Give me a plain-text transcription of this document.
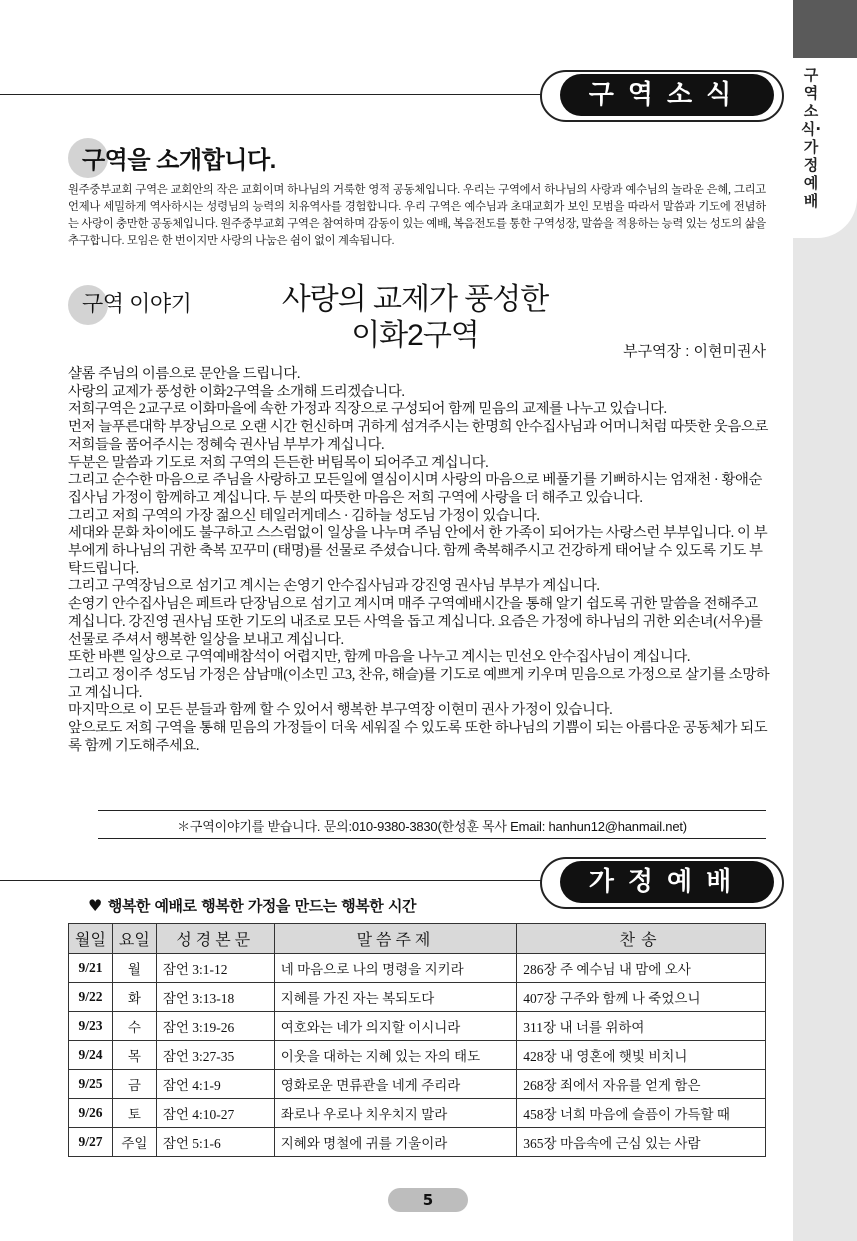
구역소식·가정예배
구역소식
구역을 소개합니다.
원주중부교회 구역은 교회안의 작은 교회이며 하나님의 거룩한 영적 공동체입니다. 우리는 구역에서 하나님의 사랑과 예수님의 놀라운 은혜, 그리고 언제나 세밀하게 역사하시는 성령님의 능력의 치유역사를 경험합니다. 우리 구역은 예수님과 초대교회가 보인 모범을 따라서 말씀과 기도에 전념하는 사랑이 충만한 공동체입니다. 원주중부교회 구역은 참여하며 감동이 있는 예배, 복음전도를 통한 구역성장, 말씀을 적용하는 능력 있는 성도의 삶을 추구합니다. 모임은 한 번이지만 사랑의 나눔은 쉼이 없이 계속됩니다.
구역 이야기	사랑의 교제가 풍성한
이화2구역	부구역장 : 이현미권사

샬롬 주님의 이름으로 문안을 드립니다.

사랑의 교제가 풍성한 이화2구역을 소개해 드리겠습니다.

저희구역은 2교구로 이화마을에 속한 가정과 직장으로 구성되어 함께 믿음의 교제를 나누고 있습니다.

먼저 늘푸른대학 부장님으로 오랜 시간 헌신하며 귀하게 섬겨주시는 한명희 안수집사님과 어머니처럼 따뜻한 웃음으로 저희들을 품어주시는 정혜숙 권사님 부부가 계십니다.

두분은 말씀과 기도로 저희 구역의 든든한 버팀목이 되어주고 계십니다.

그리고 순수한 마음으로 주님을 사랑하고 모든일에 열심이시며 사랑의 마음으로 베풀기를 기뻐하시는 엄재천 · 황애순 집사님 가정이 함께하고 계십니다. 두 분의 따뜻한 마음은 저희 구역에 사랑을 더 해주고 있습니다.

그리고 저희 구역의 가장 젊으신 테일러게데스 · 김하늘 성도님 가정이 있습니다.

세대와 문화 차이에도 불구하고 스스럼없이 일상을 나누며 주님 안에서 한 가족이 되어가는 사랑스런 부부입니다. 이 부부에게 하나님의 귀한 축복 꼬꾸미 (태명)를 선물로 주셨습니다. 함께 축복해주시고 건강하게 태어날 수 있도록 기도 부탁드립니다.

그리고 구역장님으로 섬기고 계시는 손영기 안수집사님과 강진영 권사님 부부가 계십니다.

손영기 안수집사님은 페트라 단장님으로 섬기고 계시며 매주 구역예배시간을 통해 알기 쉽도록 귀한 말씀을 전해주고 계십니다. 강진영 권사님 또한 기도의 내조로 모든 사역을 돕고 계십니다. 요즘은 가정에 하나님의 귀한 외손녀(서우)를 선물로 주셔서 행복한 일상을 보내고 계십니다.

또한 바쁜 일상으로 구역예배참석이 어렵지만, 함께 마음을 나누고 계시는 민선오 안수집사님이 계십니다.

그리고 정이주 성도님 가정은 삼남매(이소민 고3, 찬유, 해슬)를 기도로 예쁘게 키우며 믿음으로 가정으로 살기를 소망하고 계십니다.

마지막으로 이 모든 분들과 함께 할 수 있어서 행복한 부구역장 이현미 권사 가정이 있습니다.

앞으로도 저희 구역을 통해 믿음의 가정들이 더욱 세워질 수 있도록 또한 하나님의 기쁨이 되는 아름다운 공동체가 되도록 함께 기도해주세요.

＊구역이야기를 받습니다. 문의:010-9380-3830(한성훈 목사 Email: hanhun12@hanmail.net)
가정예배
♥ 행복한 예배로 행복한 가정을 만드는 행복한 시간
월일	요일	성경본문	말씀주제	찬송
9/21	월	잠언 3:1-12	네 마음으로 나의 명령을 지키라	286장 주 예수님 내 맘에 오사
9/22	화	잠언 3:13-18	지혜를 가진 자는 복되도다	407장 구주와 함께 나 죽었으니
9/23	수	잠언 3:19-26	여호와는 네가 의지할 이시니라	311장 내 너를 위하여
9/24	목	잠언 3:27-35	이웃을 대하는 지혜 있는 자의 태도	428장 내 영혼에 햇빛 비치니
9/25	금	잠언 4:1-9	영화로운 면류관을 네게 주리라	268장 죄에서 자유를 얻게 함은
9/26	토	잠언 4:10-27	좌로나 우로나 치우치지 말라	458장 너희 마음에 슬픔이 가득할 때
9/27	주일	잠언 5:1-6	지혜와 명철에 귀를 기울이라	365장 마음속에 근심 있는 사람
5
